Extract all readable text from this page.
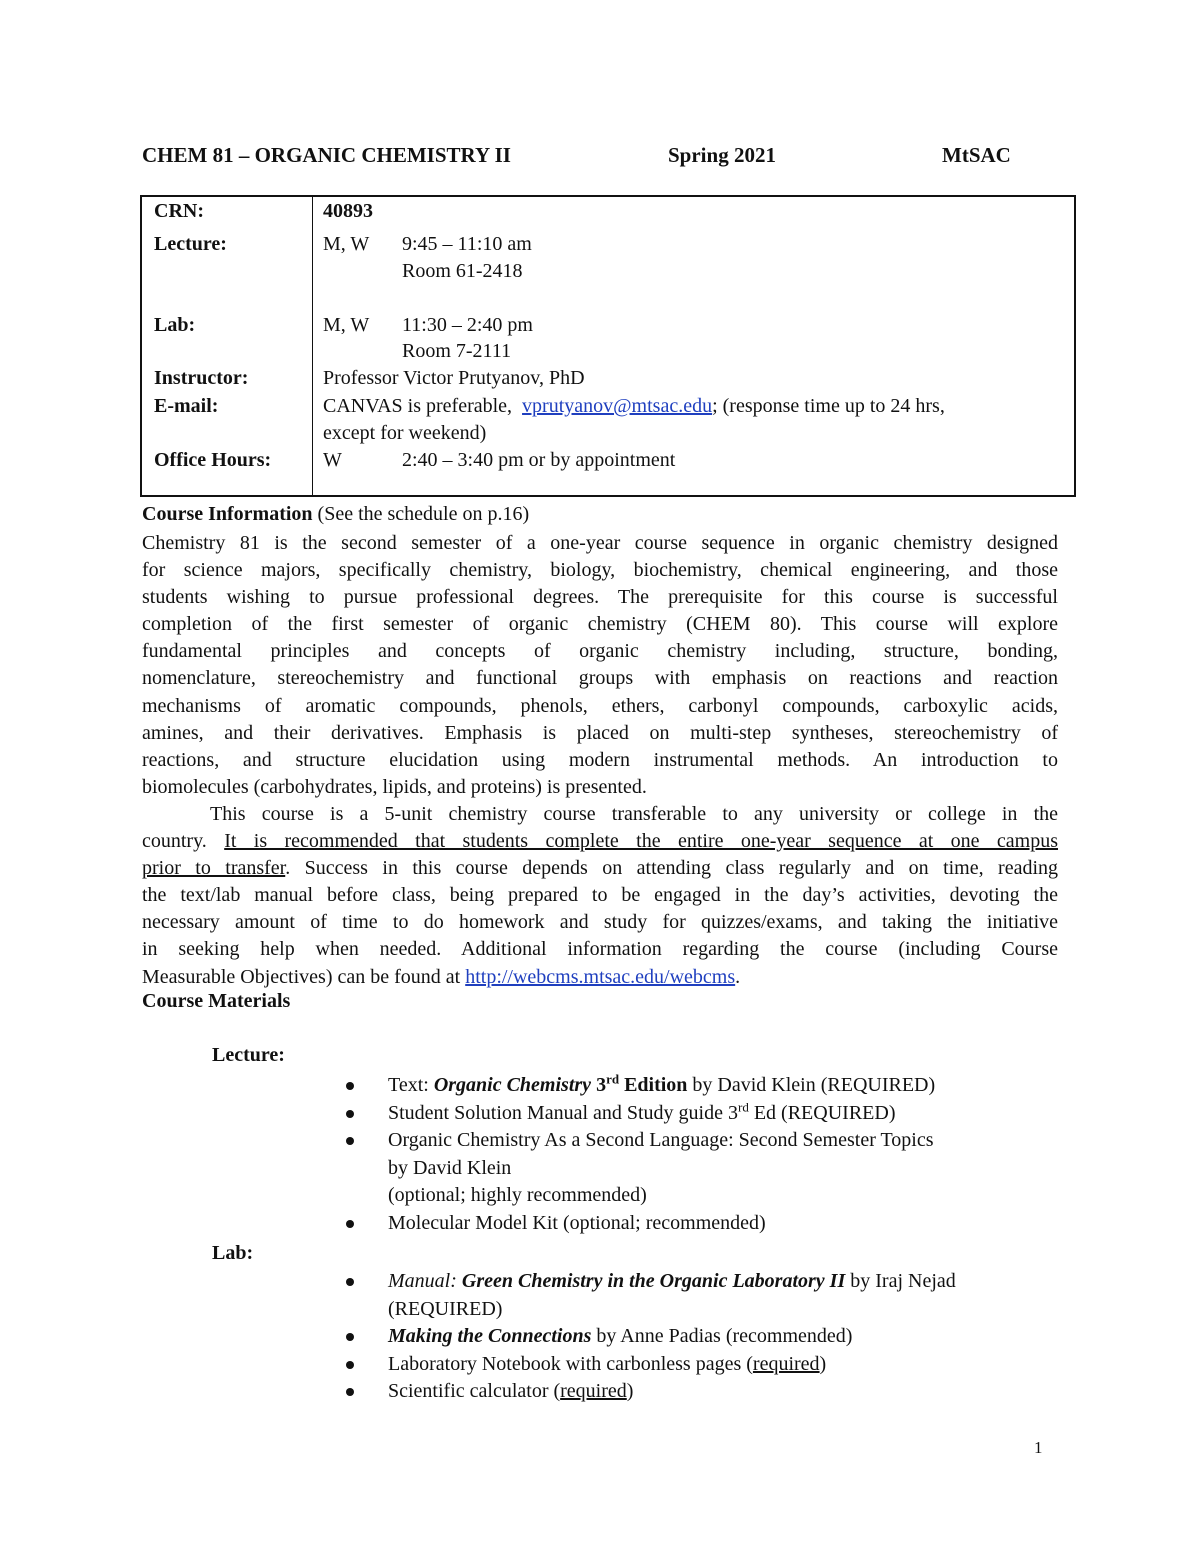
CHEM 81 – ORGANIC CHEMISTRY II	Spring 2021	MtSAC
CRN:	40893
Lecture:	M, W 9:45 – 11:10 am
Room 61-2418
Lab:	M, W 11:30 – 2:40 pm
Room 7-2111
Instructor:	Professor Victor Prutyanov, PhD
E-mail:	CANVAS is preferable,  vprutyanov@mtsac.edu; (response time up to 24 hrs,
except for weekend)
Office Hours:	W	2:40 – 3:40 pm or by appointment
Course Information (See the schedule on p.16)
Chemistry 81 is the second semester of a one-year course sequence in organic chemistry designed
for science majors, specifically chemistry, biology, biochemistry, chemical engineering, and those
students wishing to pursue professional degrees. The prerequisite for this course is successful
completion of the first semester of organic chemistry (CHEM 80). This course will explore
fundamental principles and concepts of organic chemistry including, structure, bonding,
nomenclature, stereochemistry and functional groups with emphasis on reactions and reaction
mechanisms of aromatic compounds, phenols, ethers, carbonyl compounds, carboxylic acids,
amines, and their derivatives. Emphasis is placed on multi-step syntheses, stereochemistry of
reactions, and structure elucidation using modern instrumental methods. An introduction to
biomolecules (carbohydrates, lipids, and proteins) is presented.
This course is a 5-unit chemistry course transferable to any university or college in the
country. It is recommended that students complete the entire one-year sequence at one campus
prior to transfer. Success in this course depends on attending class regularly and on time, reading
the text/lab manual before class, being prepared to be engaged in the day’s activities, devoting the
necessary amount of time to do homework and study for quizzes/exams, and taking the initiative
in seeking help when needed. Additional information regarding the course (including Course
Measurable Objectives) can be found at http://webcms.mtsac.edu/webcms.
Course Materials
Lecture:
Text: Organic Chemistry 3rd Edition by David Klein (REQUIRED)
Student Solution Manual and Study guide 3rd Ed (REQUIRED)
Organic Chemistry As a Second Language: Second Semester Topics
by David Klein
(optional; highly recommended)
Molecular Model Kit (optional; recommended)
Lab:
Manual: Green Chemistry in the Organic Laboratory II by Iraj Nejad
(REQUIRED)
Making the Connections by Anne Padias (recommended)
Laboratory Notebook with carbonless pages (required)
Scientific calculator (required)
1
